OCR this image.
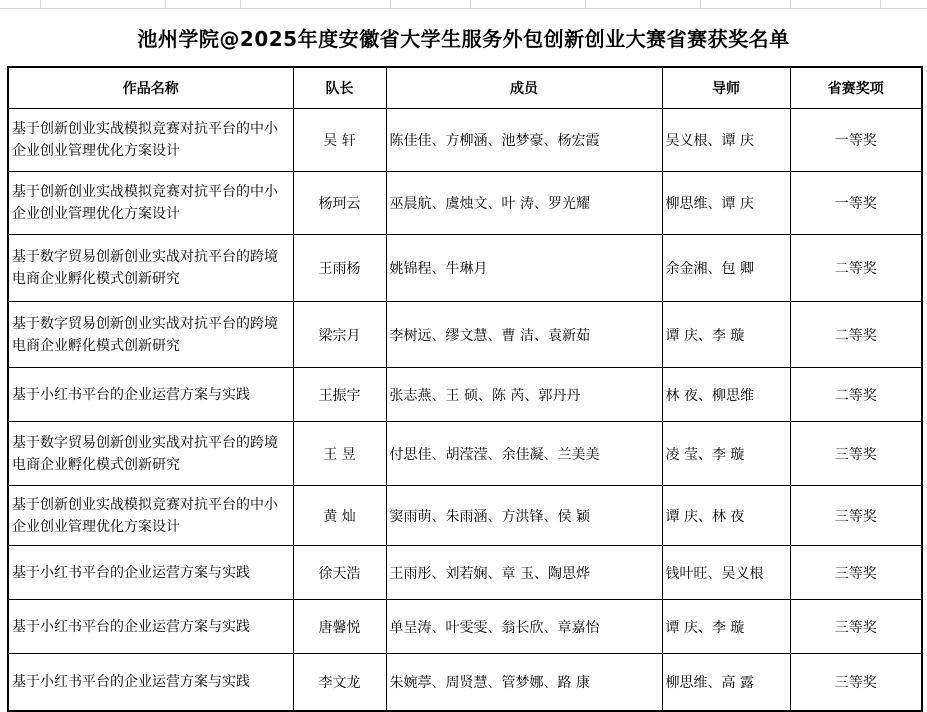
池州学院@2025年度安徽省大学生服务外包创新创业大赛省赛获奖名单
作品名称	队长	成员	导师	省赛奖项
基于创新创业实战模拟竞赛对抗平台的中小企业创业管理优化方案设计	吴 轩	陈佳佳、方柳涵、池梦豪、杨宏霞	吴义根、谭 庆	一等奖
基于创新创业实战模拟竞赛对抗平台的中小企业创业管理优化方案设计	杨珂云	巫晨航、虞烛文、叶 涛、罗光耀	柳思维、谭 庆	一等奖
基于数字贸易创新创业实战对抗平台的跨境电商企业孵化模式创新研究	王雨杨	姚锦程、牛琳月	余金湘、包 卿	二等奖
基于数字贸易创新创业实战对抗平台的跨境电商企业孵化模式创新研究	梁宗月	李树远、缪文慧、曹 洁、袁新茹	谭 庆、李 璇	二等奖
基于小红书平台的企业运营方案与实践	王振宇	张志燕、王 硕、陈 芮、郭丹丹	林 夜、柳思维	二等奖
基于数字贸易创新创业实战对抗平台的跨境电商企业孵化模式创新研究	王 昱	付思佳、胡滢滢、余佳凝、兰美美	凌 莹、李 璇	三等奖
基于创新创业实战模拟竞赛对抗平台的中小企业创业管理优化方案设计	黄 灿	窦雨萌、朱雨涵、方洪锋、侯 颖	谭 庆、林 夜	三等奖
基于小红书平台的企业运营方案与实践	徐天浩	王雨彤、刘若娴、章 玉、陶思烨	钱叶旺、吴义根	三等奖
基于小红书平台的企业运营方案与实践	唐馨悦	单呈涛、叶雯雯、翁长欣、章嘉怡	谭 庆、李 璇	三等奖
基于小红书平台的企业运营方案与实践	李文龙	朱婉葶、周贤慧、管梦娜、路 康	柳思维、高 露	三等奖
